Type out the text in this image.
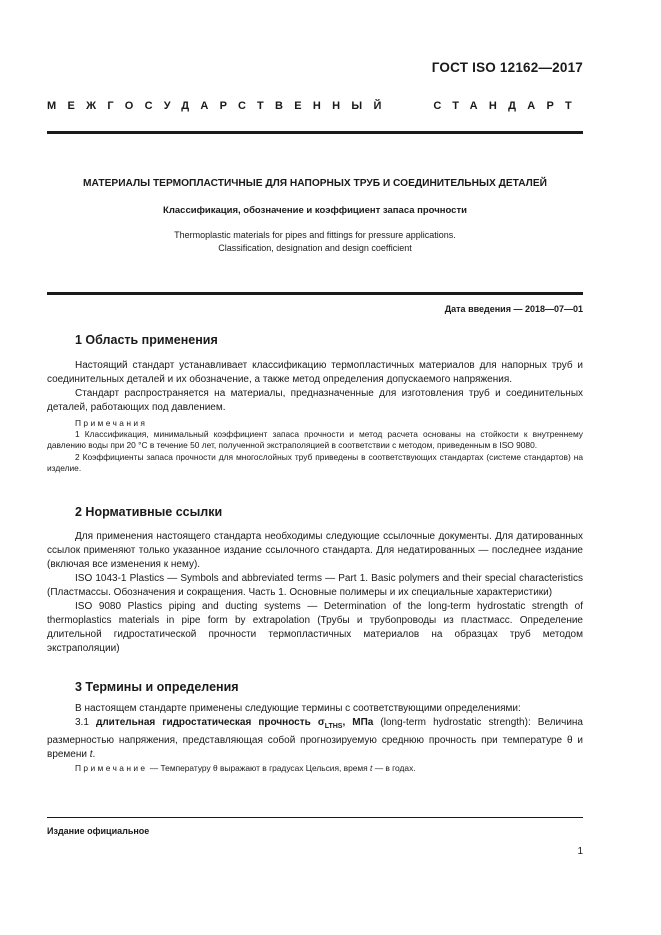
ГОСТ ISO 12162—2017
МЕЖГОСУДАРСТВЕННЫЙ	СТАНДАРТ
МАТЕРИАЛЫ ТЕРМОПЛАСТИЧНЫЕ ДЛЯ НАПОРНЫХ ТРУБ И СОЕДИНИТЕЛЬНЫХ ДЕТАЛЕЙ
Классификация, обозначение и коэффициент запаса прочности
Thermoplastic materials for pipes and fittings for pressure applications.
Classification, designation and design coefficient
Дата введения — 2018—07—01
1 Область применения

Настоящий стандарт устанавливает классификацию термопластичных материалов для напорных труб и соединительных деталей и их обозначение, а также метод определения допускаемого напряжения.

Стандарт распространяется на материалы, предназначенные для изготовления труб и соединительных деталей, работающих под давлением.

Примечания

1 Классификация, минимальный коэффициент запаса прочности и метод расчета основаны на стойкости к внутреннему давлению воды при 20 °С в течение 50 лет, полученной экстраполяцией в соответствии с методом, приведенным в ISO 9080.

2 Коэффициенты запаса прочности для многослойных труб приведены в соответствующих стандартах (системе стандартов) на изделие.

2 Нормативные ссылки

Для применения настоящего стандарта необходимы следующие ссылочные документы. Для датированных ссылок применяют только указанное издание ссылочного стандарта. Для недатированных — последнее издание (включая все изменения к нему).

ISO 1043-1 Plastics — Symbols and abbreviated terms — Part 1. Basic polymers and their special characteristics (Пластмассы. Обозначения и сокращения. Часть 1. Основные полимеры и их специальные характеристики)

ISO 9080 Plastics piping and ducting systems — Determination of the long-term hydrostatic strength of thermoplastics materials in pipe form by extrapolation (Трубы и трубопроводы из пластмасс. Определение длительной гидростатической прочности термопластичных материалов на образцах труб методом экстраполяции)

3 Термины и определения

В настоящем стандарте применены следующие термины с соответствующими определениями:

3.1 длительная гидростатическая прочность $\sigma_{LTHS}$, МПа (long-term hydrostatic strength): Величина размерностью напряжения, представляющая собой прогнозируемую среднюю прочность при температуре θ и времени t.

Примечание — Температуру θ выражают в градусах Цельсия, время t — в годах.

Издание официальное
1
